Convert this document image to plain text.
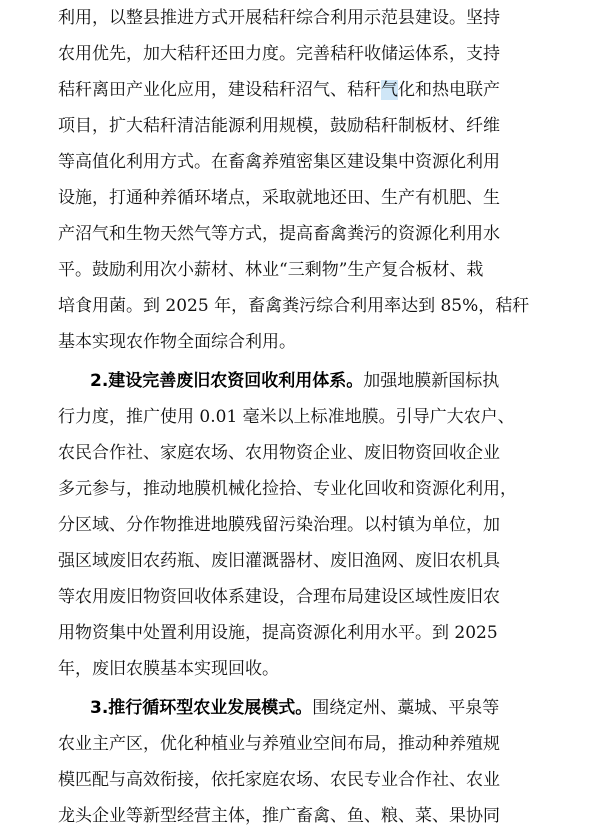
利用，以整县推进方式开展秸秆综合利用示范县建设。坚持
农用优先，加大秸秆还田力度。完善秸秆收储运体系，支持
秸秆离田产业化应用，建设秸秆沼气、秸秆气化和热电联产
项目，扩大秸秆清洁能源利用规模，鼓励秸秆制板材、纤维
等高值化利用方式。在畜禽养殖密集区建设集中资源化利用
设施，打通种养循环堵点，采取就地还田、生产有机肥、生
产沼气和生物天然气等方式，提高畜禽粪污的资源化利用水
平。鼓励利用次小薪材、林业“三剩物”生产复合板材、栽
培食用菌。到 2025 年，畜禽粪污综合利用率达到 85%，秸秆
基本实现农作物全面综合利用。
2.建设完善废旧农资回收利用体系。加强地膜新国标执
行力度，推广使用 0.01 毫米以上标准地膜。引导广大农户、
农民合作社、家庭农场、农用物资企业、废旧物资回收企业
多元参与，推动地膜机械化捡拾、专业化回收和资源化利用，
分区域、分作物推进地膜残留污染治理。以村镇为单位，加
强区域废旧农药瓶、废旧灌溉器材、废旧渔网、废旧农机具
等农用废旧物资回收体系建设，合理布局建设区域性废旧农
用物资集中处置利用设施，提高资源化利用水平。到 2025
年，废旧农膜基本实现回收。
3.推行循环型农业发展模式。围绕定州、藁城、平泉等
农业主产区，优化种植业与养殖业空间布局，推动种养殖规
模匹配与高效衔接，依托家庭农场、农民专业合作社、农业
龙头企业等新型经营主体，推广畜禽、鱼、粮、菜、果协同
